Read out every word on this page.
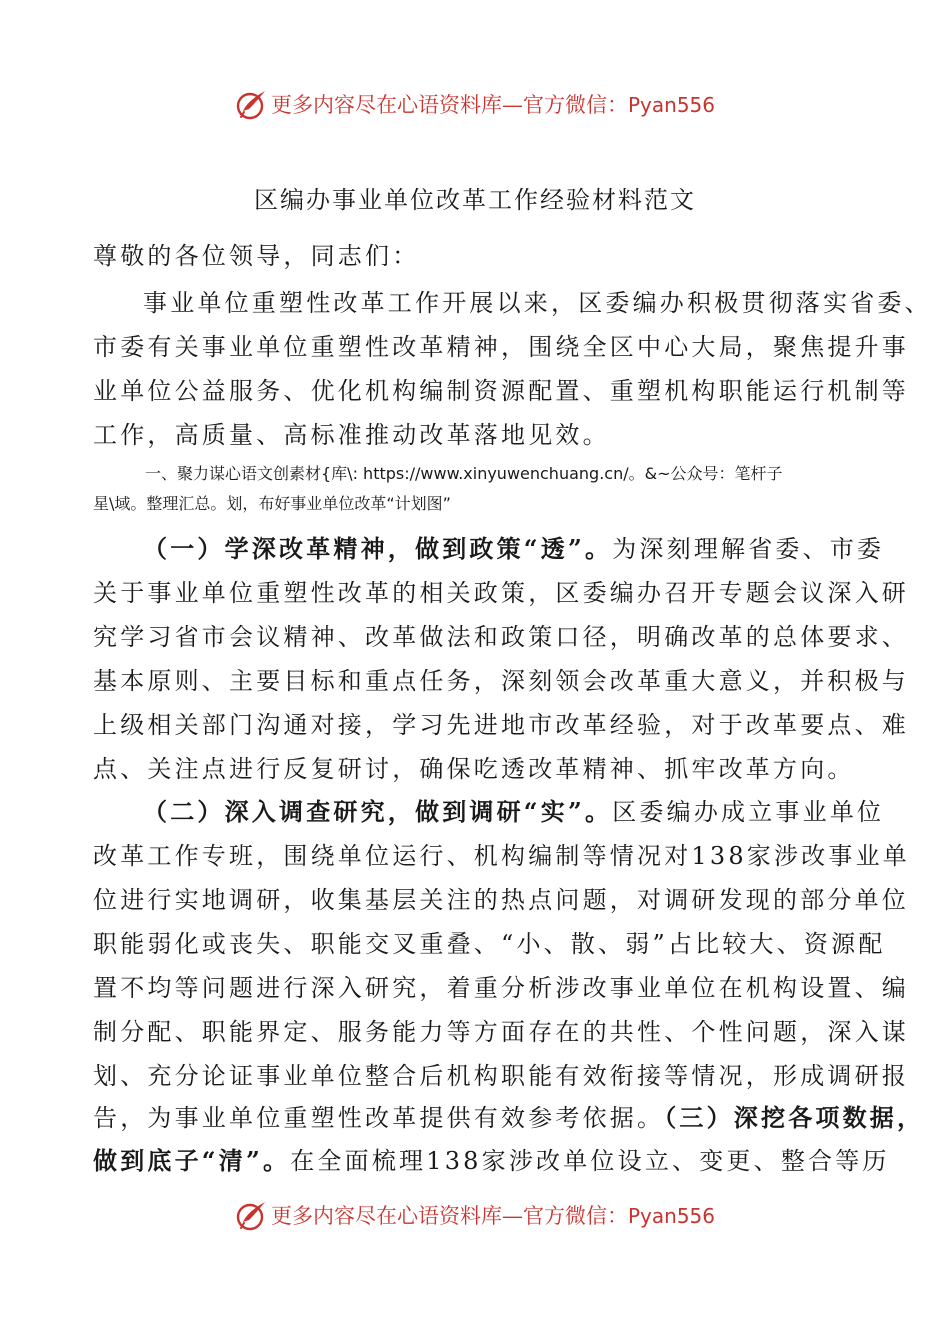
更多内容尽在心语资料库—官方微信：Pyan556
区编办事业单位改革工作经验材料范文
尊敬的各位领导，同志们：
事业单位重塑性改革工作开展以来，区委编办积极贯彻落实省委、
市委有关事业单位重塑性改革精神，围绕全区中心大局，聚焦提升事
业单位公益服务、优化机构编制资源配置、重塑机构职能运行机制等
工作，高质量、高标准推动改革落地见效。
一、聚力谋心语文创素材{库\: https://www.xinyuwenchuang.cn/。&~公众号：笔杆子
星\域。整理汇总。划，布好事业单位改革“计划图”
（一）学深改革精神，做到政策“透”。为深刻理解省委、市委
关于事业单位重塑性改革的相关政策，区委编办召开专题会议深入研
究学习省市会议精神、改革做法和政策口径，明确改革的总体要求、
基本原则、主要目标和重点任务，深刻领会改革重大意义，并积极与
上级相关部门沟通对接，学习先进地市改革经验，对于改革要点、难
点、关注点进行反复研讨，确保吃透改革精神、抓牢改革方向。
（二）深入调查研究，做到调研“实”。区委编办成立事业单位
改革工作专班，围绕单位运行、机构编制等情况对138家涉改事业单
位进行实地调研，收集基层关注的热点问题，对调研发现的部分单位
职能弱化或丧失、职能交叉重叠、“小、散、弱”占比较大、资源配
置不均等问题进行深入研究，着重分析涉改事业单位在机构设置、编
制分配、职能界定、服务能力等方面存在的共性、个性问题，深入谋
划、充分论证事业单位整合后机构职能有效衔接等情况，形成调研报
告，为事业单位重塑性改革提供有效参考依据。（三）深挖各项数据，
做到底子“清”。在全面梳理138家涉改单位设立、变更、整合等历
更多内容尽在心语资料库—官方微信：Pyan556
